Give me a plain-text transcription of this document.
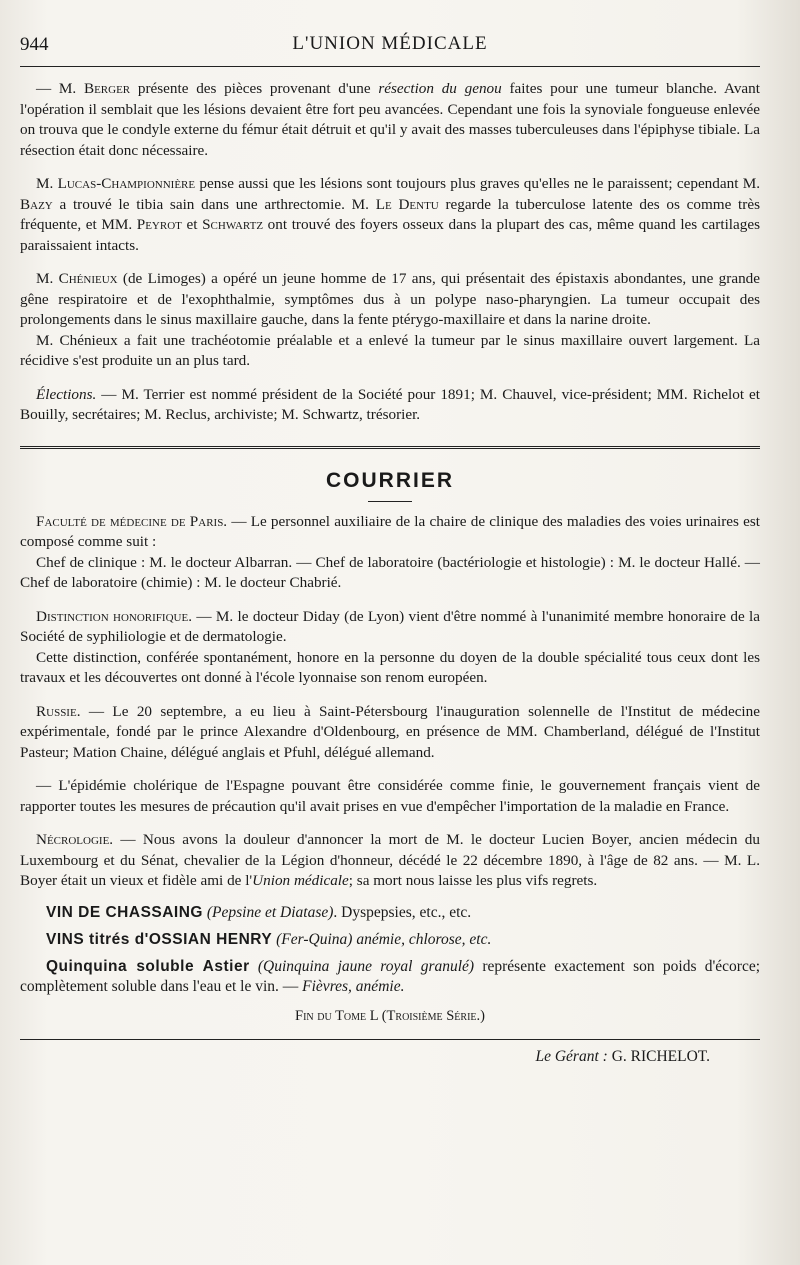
944	L'UNION MÉDICALE

— M. Berger présente des pièces provenant d'une résection du genou faites pour une tumeur blanche. Avant l'opération il semblait que les lésions devaient être fort peu avancées. Cependant une fois la synoviale fongueuse enlevée on trouva que le condyle externe du fémur était détruit et qu'il y avait des masses tuberculeuses dans l'épiphyse tibiale. La résection était donc nécessaire.

M. Lucas-Championnière pense aussi que les lésions sont toujours plus graves qu'elles ne le paraissent; cependant M. Bazy a trouvé le tibia sain dans une arthrectomie. M. Le Dentu regarde la tuberculose latente des os comme très fréquente, et MM. Peyrot et Schwartz ont trouvé des foyers osseux dans la plupart des cas, même quand les cartilages paraissaient intacts.

M. Chénieux (de Limoges) a opéré un jeune homme de 17 ans, qui présentait des épistaxis abondantes, une grande gêne respiratoire et de l'exophthalmie, symptômes dus à un polype naso-pharyngien. La tumeur occupait des prolongements dans le sinus maxillaire gauche, dans la fente ptérygo-maxillaire et dans la narine droite.

M. Chénieux a fait une trachéotomie préalable et a enlevé la tumeur par le sinus maxillaire ouvert largement. La récidive s'est produite un an plus tard.

Élections. — M. Terrier est nommé président de la Société pour 1891; M. Chauvel, vice-président; MM. Richelot et Bouilly, secrétaires; M. Reclus, archiviste; M. Schwartz, trésorier.

COURRIER

Faculté de médecine de Paris. — Le personnel auxiliaire de la chaire de clinique des maladies des voies urinaires est composé comme suit :

Chef de clinique : M. le docteur Albarran. — Chef de laboratoire (bactériologie et histologie) : M. le docteur Hallé. — Chef de laboratoire (chimie) : M. le docteur Chabrié.

Distinction honorifique. — M. le docteur Diday (de Lyon) vient d'être nommé à l'unanimité membre honoraire de la Société de syphiliologie et de dermatologie.

Cette distinction, conférée spontanément, honore en la personne du doyen de la double spécialité tous ceux dont les travaux et les découvertes ont donné à l'école lyonnaise son renom européen.

Russie. — Le 20 septembre, a eu lieu à Saint-Pétersbourg l'inauguration solennelle de l'Institut de médecine expérimentale, fondé par le prince Alexandre d'Oldenbourg, en présence de MM. Chamberland, délégué de l'Institut Pasteur; Mation Chaine, délégué anglais et Pfuhl, délégué allemand.

— L'épidémie cholérique de l'Espagne pouvant être considérée comme finie, le gouvernement français vient de rapporter toutes les mesures de précaution qu'il avait prises en vue d'empêcher l'importation de la maladie en France.

Nécrologie. — Nous avons la douleur d'annoncer la mort de M. le docteur Lucien Boyer, ancien médecin du Luxembourg et du Sénat, chevalier de la Légion d'honneur, décédé le 22 décembre 1890, à l'âge de 82 ans. — M. L. Boyer était un vieux et fidèle ami de l'Union médicale; sa mort nous laisse les plus vifs regrets.

VIN DE CHASSAING (Pepsine et Diatase). Dyspepsies, etc., etc.
VINS titrés d'OSSIAN HENRY (Fer-Quina) anémie, chlorose, etc.
Quinquina soluble Astier (Quinquina jaune royal granulé) représente exactement son poids d'écorce; complètement soluble dans l'eau et le vin. — Fièvres, anémie.
Fin du Tome L (Troisième Série.)
Le Gérant : G. RICHELOT.
